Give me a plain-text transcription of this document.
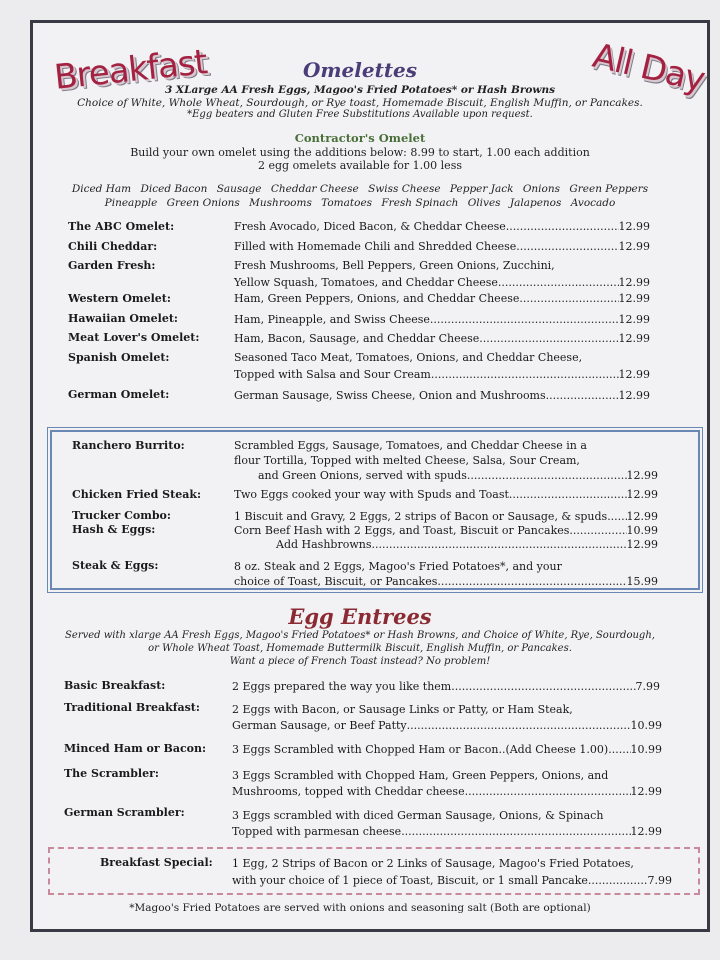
Breakfast	All Day
Omelettes
3 XLarge AA Fresh Eggs, Magoo's Fried Potatoes* or Hash Browns
Choice of White, Whole Wheat, Sourdough, or Rye toast, Homemade Biscuit, English Muffin, or Pancakes.
*Egg beaters and Gluten Free Substitutions Available upon request.
Contractor's Omelet
Build your own omelet using the additions below: 8.99 to start, 1.00 each addition
2 egg omelets available for 1.00 less
Diced Ham Diced Bacon Sausage Cheddar Cheese Swiss Cheese Pepper Jack Onions Green Peppers
Pineapple Green Onions Mushrooms Tomatoes Fresh Spinach Olives Jalapenos Avocado
The ABC Omelet:	Fresh Avocado, Diced Bacon, & Cheddar Cheese .....	12.99
Chili Cheddar:	Filled with Homemade Chili and Shredded Cheese .....	12.99
Garden Fresh:	Fresh Mushrooms, Bell Peppers, Green Onions, Zucchini,
Yellow Squash, Tomatoes, and Cheddar Cheese .....	12.99
Western Omelet:	Ham, Green Peppers, Onions, and Cheddar Cheese .....	12.99
Hawaiian Omelet:	Ham, Pineapple, and Swiss Cheese .....	12.99
Meat Lover's Omelet:	Ham, Bacon, Sausage, and Cheddar Cheese .....	12.99
Spanish Omelet:	Seasoned Taco Meat, Tomatoes, Onions, and Cheddar Cheese,
Topped with Salsa and Sour Cream .....	12.99
German Omelet:	German Sausage, Swiss Cheese, Onion and Mushrooms .....	12.99
Ranchero Burrito:	Scrambled Eggs, Sausage, Tomatoes, and Cheddar Cheese in a
flour Tortilla, Topped with melted Cheese, Salsa, Sour Cream,
and Green Onions, served with spuds .....	12.99
Chicken Fried Steak:	Two Eggs cooked your way with Spuds and Toast .....	12.99
Trucker Combo:	1 Biscuit and Gravy, 2 Eggs, 2 strips of Bacon or Sausage, & spuds ..... 12.99
Hash & Eggs:	Corn Beef Hash with 2 Eggs, and Toast, Biscuit or Pancakes .....	10.99
Add Hashbrowns .....	12.99
Steak & Eggs:	8 oz. Steak and 2 Eggs, Magoo's Fried Potatoes*, and your
choice of Toast, Biscuit, or Pancakes .....	15.99
Egg Entrees
Served with xlarge AA Fresh Eggs, Magoo's Fried Potatoes* or Hash Browns, and Choice of White, Rye, Sourdough,
or Whole Wheat Toast, Homemade Buttermilk Biscuit, English Muffin, or Pancakes.
Want a piece of French Toast instead? No problem!
Basic Breakfast:	2 Eggs prepared the way you like them .....	7.99
Traditional Breakfast:	2 Eggs with Bacon, or Sausage Links or Patty, or Ham Steak,
German Sausage, or Beef Patty .....	10.99
Minced Ham or Bacon: 3 Eggs Scrambled with Chopped Ham or Bacon..(Add Cheese 1.00) ..... 10.99
The Scrambler:	3 Eggs Scrambled with Chopped Ham, Green Peppers, Onions, and
Mushrooms, topped with Cheddar cheese .....	12.99
German Scrambler:	3 Eggs scrambled with diced German Sausage, Onions, & Spinach
Topped with parmesan cheese .....	12.99
Breakfast Special: 1 Egg, 2 Strips of Bacon or 2 Links of Sausage, Magoo's Fried Potatoes,
with your choice of 1 piece of Toast, Biscuit, or 1 small Pancake .....	7.99
*Magoo's Fried Potatoes are served with onions and seasoning salt (Both are optional)
